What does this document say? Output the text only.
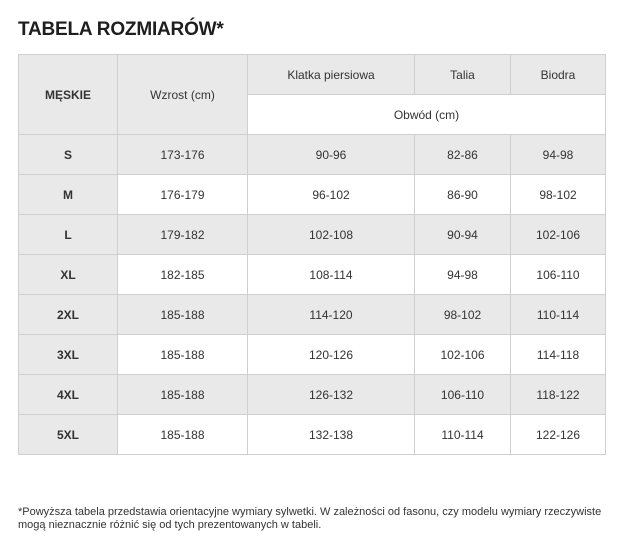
TABELA ROZMIARÓW*
MĘSKIE	Wzrost (cm)	Klatka piersiowa	Talia	Biodra
		Obwód (cm)		
S	173-176	90-96	82-86	94-98
M	176-179	96-102	86-90	98-102
L	179-182	102-108	90-94	102-106
XL	182-185	108-114	94-98	106-110
2XL	185-188	114-120	98-102	110-114
3XL	185-188	120-126	102-106	114-118
4XL	185-188	126-132	106-110	118-122
5XL	185-188	132-138	110-114	122-126
*Powyższa tabela przedstawia orientacyjne wymiary sylwetki. W zależności od fasonu, czy modelu wymiary rzeczywiste mogą nieznacznie różnić się od tych prezentowanych w tabeli.
